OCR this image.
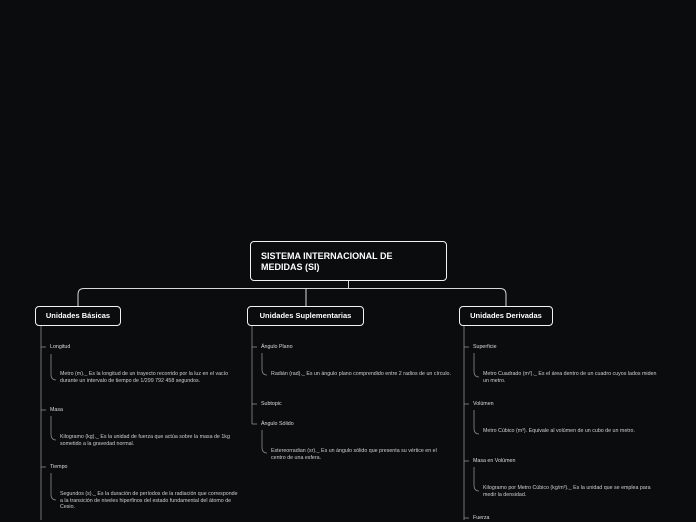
SISTEMA INTERNACIONAL DE MEDIDAS (SI)
Unidades Básicas
Longitud
Metro (m)._ Es la longitud de un trayecto recorrido por la luz en el vacío durante un intervalo de tiempo de 1/299 792 458 segundos.
Masa
Kilogramo (kg)._ Es la unidad de fuerza que actúa sobre la masa de 1kg sometido a la gravedad normal.
Tiempo
Segundos (s)._ Es la duración de períodos de la radiación que corresponde a la transición de niveles hiperfinos del estado fundamental del átomo de Cesio.
Unidades Suplementarias
Ángulo Plano
Radián (rad)._ Es un ángulo plano comprendido entre 2 radios de un círculo.
Subtopic
Ángulo Sólido
Estereorradian (sr)._ Es un ángulo sólido que presenta su vértice en el centro de una esfera.
Unidades Derivadas
Superficie
Metro Cuadrado (m²)._ Es el área dentro de un cuadro cuyos lados miden un metro.
Volúmen
Metro Cúbico (m³). Equivale al volúmen de un cubo de un metro.
Masa en Volúmen
Kilogramo por Metro Cúbico (kg/m³)._ Es la unidad que se emplea para medir la densidad.
Fuerza
